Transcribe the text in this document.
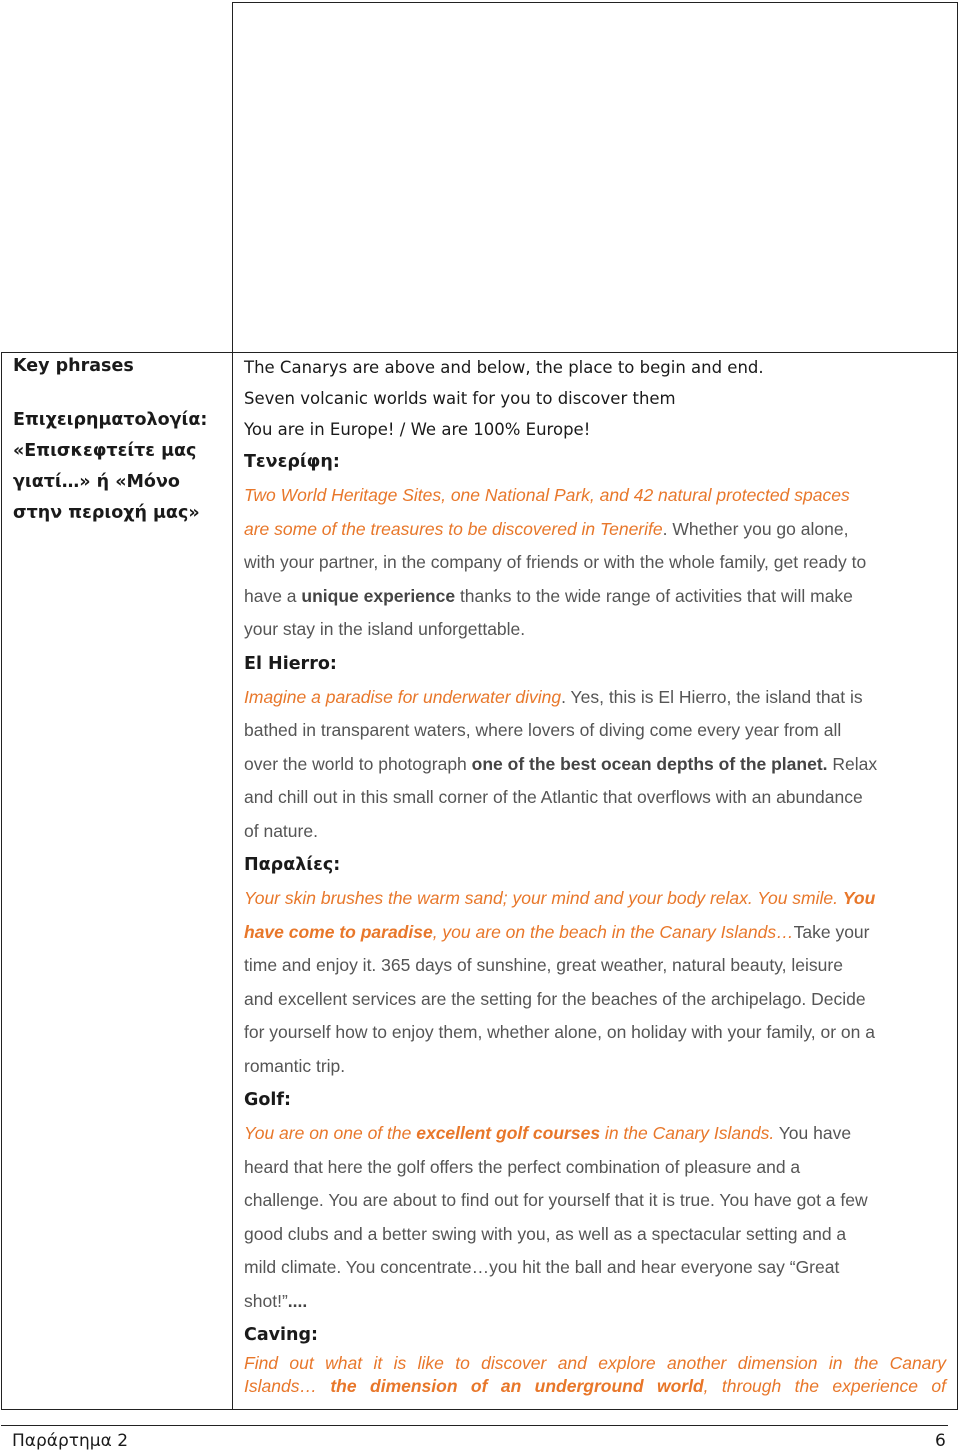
Key phrases
Επιχειρηματολογία:
«Επισκεφτείτε μας
γιατί…» ή «Μόνο
στην περιοχή μας»

The Canarys are above and below, the place to begin and end.

Seven volcanic worlds wait for you to discover them

You are in Europe! / We are 100% Europe!

Τενερίφη:

Two World Heritage Sites, one National Park, and 42 natural protected spaces
are some of the treasures to be discovered in Tenerife. Whether you go alone,
with your partner, in the company of friends or with the whole family, get ready to
have a unique experience thanks to the wide range of activities that will make
your stay in the island unforgettable.

El Hierro:

Imagine a paradise for underwater diving. Yes, this is El Hierro, the island that is
bathed in transparent waters, where lovers of diving come every year from all
over the world to photograph one of the best ocean depths of the planet. Relax
and chill out in this small corner of the Atlantic that overflows with an abundance
of nature.

Παραλίες:

Your skin brushes the warm sand; your mind and your body relax. You smile. You
have come to paradise, you are on the beach in the Canary Islands…Take your
time and enjoy it. 365 days of sunshine, great weather, natural beauty, leisure
and excellent services are the setting for the beaches of the archipelago. Decide
for yourself how to enjoy them, whether alone, on holiday with your family, or on a
romantic trip.

Golf:

You are on one of the excellent golf courses in the Canary Islands. You have
heard that here the golf offers the perfect combination of pleasure and a
challenge. You are about to find out for yourself that it is true. You have got a few
good clubs and a better swing with you, as well as a spectacular setting and a
mild climate. You concentrate…you hit the ball and hear everyone say “Great
shot!”....

Caving:

Find out what it is like to discover and explore another dimension in the Canary

Islands… the dimension of an underground world, through the experience of

Παράρτημα 2	6
